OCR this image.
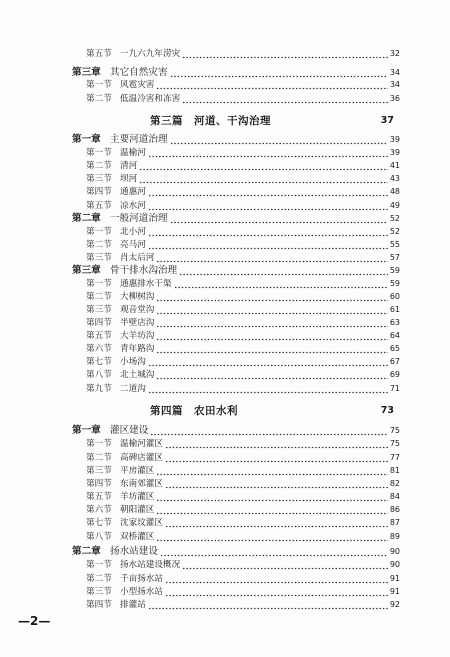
第五节 一九六九年涝灾	32
第三章 其它自然灾害	34
第一节 风雹灾害	34
第二节 低温冷害和冻害	36
第三篇　河道、干沟治理	37
第一章 主要河道治理	39
第一节 温榆河	39
第二节 清河	41
第三节 坝河	43
第四节 通惠河	48
第五节 凉水河	49
第二章 一般河道治理	52
第一节 北小河	52
第二节 亮马河	55
第三节 肖太后河	57
第三章 骨干排水沟治理	59
第一节 通惠排水干渠	59
第二节 大柳树沟	60
第三节 观音堂沟	61
第四节 半壁店沟	63
第五节 大羊坊沟	64
第六节 青年路沟	65
第七节 小场沟	67
第八节 北土城沟	69
第九节 二道沟	71
第四篇　农田水利	73
第一章 灌区建设	75
第一节 温榆河灌区	75
第二节 高碑店灌区	77
第三节 平房灌区	81
第四节 东南郊灌区	82
第五节 羊坊灌区	84
第六节 朝阳灌区	86
第七节 沈家坟灌区	87
第八节 双桥灌区	89
第二章 扬水站建设	90
第一节 扬水站建设概况	90
第二节 千亩扬水站	91
第三节 小型扬水站	91
第四节 排灌站	92
—2—
